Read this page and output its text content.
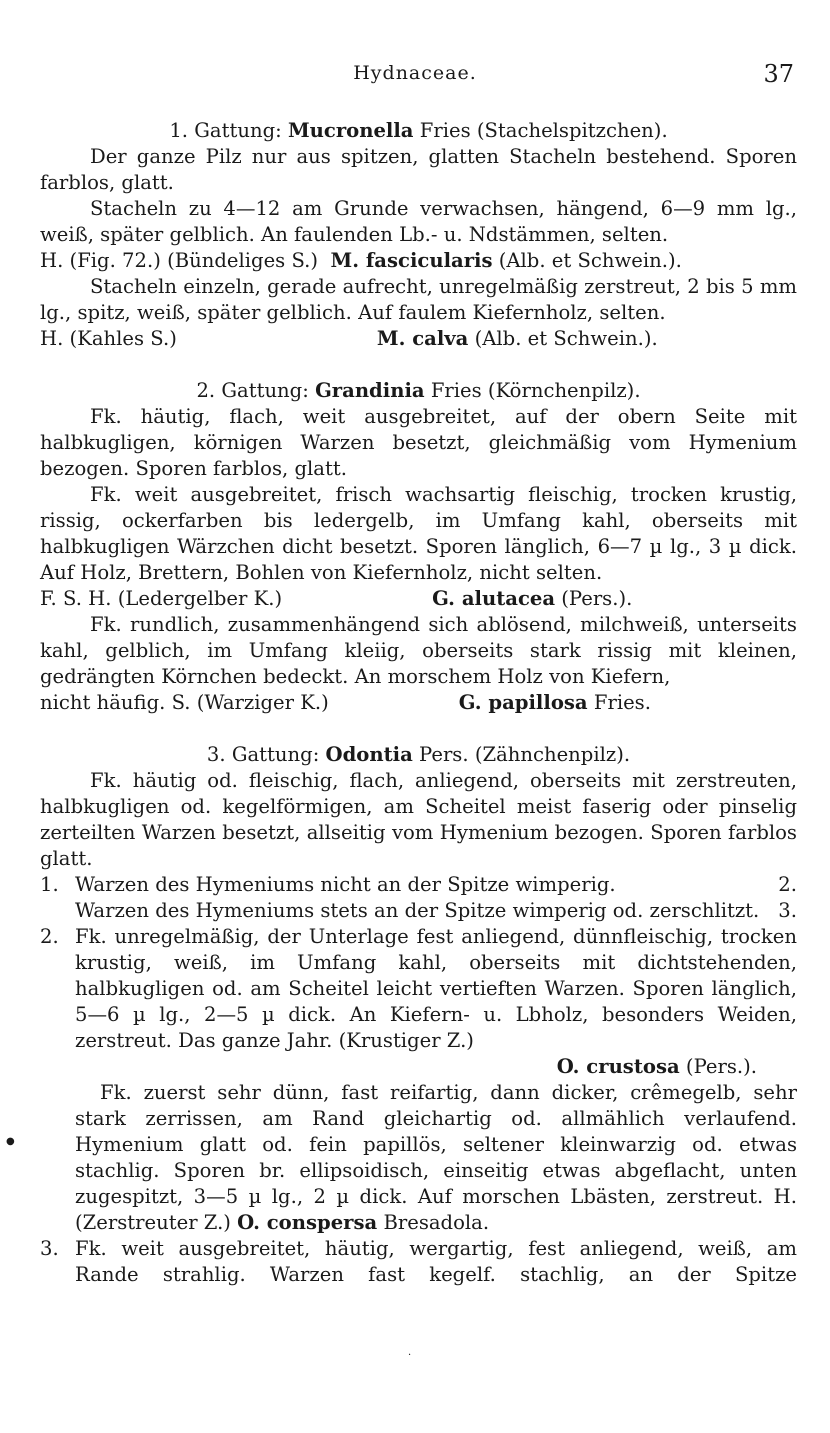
Hydnaceae.	37

1. Gattung: Mucronella Fries (Stachelspitzchen).

Der ganze Pilz nur aus spitzen, glatten Stacheln bestehend. Sporen farblos, glatt.

Stacheln zu 4—12 am Grunde verwachsen, hängend, 6—9 mm lg., weiß, später gelblich. An faulenden Lb.- u. Ndstämmen, selten.
H. (Fig. 72.) (Bündeliges S.) M. fascicularis (Alb. et Schwein.).

Stacheln einzeln, gerade aufrecht, unregelmäßig zerstreut, 2 bis 5 mm lg., spitz, weiß, später gelblich. Auf faulem Kiefernholz, selten.
H. (Kahles S.)	M. calva (Alb. et Schwein.).

2. Gattung: Grandinia Fries (Körnchenpilz).

Fk. häutig, flach, weit ausgebreitet, auf der obern Seite mit halbkugligen, körnigen Warzen besetzt, gleichmäßig vom Hymenium bezogen. Sporen farblos, glatt.

Fk. weit ausgebreitet, frisch wachsartig fleischig, trocken krustig, rissig, ockerfarben bis ledergelb, im Umfang kahl, oberseits mit halbkugligen Wärzchen dicht besetzt. Sporen länglich, 6—7 µ lg., 3 µ dick. Auf Holz, Brettern, Bohlen von Kiefernholz, nicht selten.
F. S. H. (Ledergelber K.)	G. alutacea (Pers.).

Fk. rundlich, zusammenhängend sich ablösend, milchweiß, unterseits kahl, gelblich, im Umfang kleiig, oberseits stark rissig mit kleinen, gedrängten Körnchen bedeckt. An morschem Holz von Kiefern,
nicht häufig. S. (Warziger K.)	G. papillosa Fries.

3. Gattung: Odontia Pers. (Zähnchenpilz).

Fk. häutig od. fleischig, flach, anliegend, oberseits mit zerstreuten, halbkugligen od. kegelförmigen, am Scheitel meist faserig oder pinselig zerteilten Warzen besetzt, allseitig vom Hymenium bezogen. Sporen farblos glatt.

1. Warzen des Hymeniums nicht an der Spitze wimperig.	2.
Warzen des Hymeniums stets an der Spitze wimperig od. zerschlitzt. 3.
2. Fk. unregelmäßig, der Unterlage fest anliegend, dünnfleischig, trocken krustig, weiß, im Umfang kahl, oberseits mit dichtstehenden, halbkugligen od. am Scheitel leicht vertieften Warzen. Sporen länglich, 5—6 µ lg., 2—5 µ dick. An Kiefern- u. Lbholz, besonders Weiden, zerstreut. Das ganze Jahr. (Krustiger Z.)

O. crustosa (Pers.).

Fk. zuerst sehr dünn, fast reifartig, dann dicker, crêmegelb, sehr stark zerrissen, am Rand gleichartig od. allmählich verlaufend. Hymenium glatt od. fein papillös, seltener kleinwarzig od. etwas stachlig. Sporen br. ellipsoidisch, einseitig etwas abgeflacht, unten zugespitzt, 3—5 µ lg., 2 µ dick. Auf morschen Lbästen, zerstreut. H. (Zerstreuter Z.) O. conspersa Bresadola.

3. Fk. weit ausgebreitet, häutig, wergartig, fest anliegend, weiß, am Rande strahlig. Warzen fast kegelf. stachlig, an der Spitze

●
·
